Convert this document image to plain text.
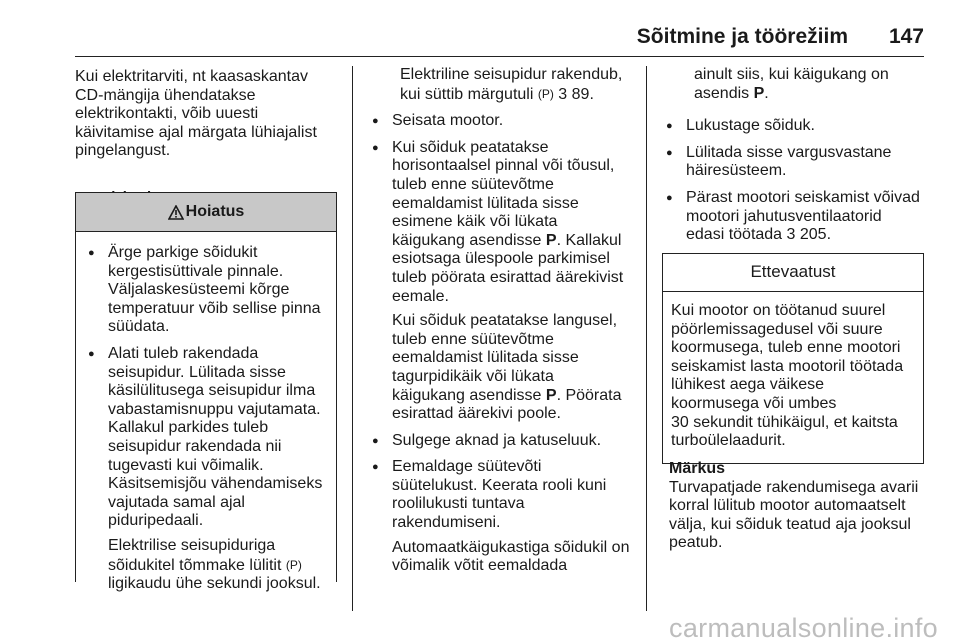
Sõitmine ja töörežiim 147

Kui elektritarviti, nt kaasaskantav CD-mängija ühendatakse elektrikontakti, võib uuesti käivitamise ajal märgata lühiajalist pingelangust.

Hoiatus
● Ärge parkige sõidukit kergestisüttivale pinnale. Väljalaskesüsteemi kõrge temperatuur võib sellise pinna süüdata.
● Alati tuleb rakendada seisupidur. Lülitada sisse käsilülitusega seisupidur ilma vabastamisnuppu vajutamata. Kallakul parkides tuleb seisupidur rakendada nii tugevasti kui võimalik. Käsitsemisjõu vähendamiseks vajutada samal ajal piduripedaali.

Elektrilise seisupiduriga sõidukitel tõmmake lülitit (P) ligikaudu ühe sekundi jooksul.

Elektriline seisupidur rakendub, kui süttib märgutuli (P) 3 89.
● Seisata mootor.
● Kui sõiduk peatatakse horisontaalsel pinnal või tõusul, tuleb enne süütevõtme eemaldamist lülitada sisse esimene käik või lükata käigukang asendisse P. Kallakul esiotsaga ülespoole parkimisel tuleb pöörata esirattad äärekivist eemale.

Kui sõiduk peatatakse langusel, tuleb enne süütevõtme eemaldamist lülitada sisse tagurpidikäik või lükata käigukang asendisse P. Pöörata esirattad äärekivi poole.

● Sulgege aknad ja katuseluuk.
● Eemaldage süütevõti süütelukust. Keerata rooli kuni roolilukusti tuntava rakendumiseni.

Automaatkäigukastiga sõidukil on võimalik võtit eemaldada

ainult siis, kui käigukang on asendis P.
● Lukustage sõiduk.
● Lülitada sisse vargusvastane häiresüsteem.
● Pärast mootori seiskamist võivad mootori jahutusventilaatorid edasi töötada 3 205.
Ettevaatust

Kui mootor on töötanud suurel pöörlemissagedusel või suure koormusega, tuleb enne mootori seiskamist lasta mootoril töötada lühikest aega väikese koormusega või umbes

30 sekundit tühikäigul, et kaitsta turboülelaadurit.

Märkus

Turvapatjade rakendumisega avarii korral lülitub mootor automaatselt välja, kui sõiduk teatud aja jooksul peatub.

carmanualsonline.info
